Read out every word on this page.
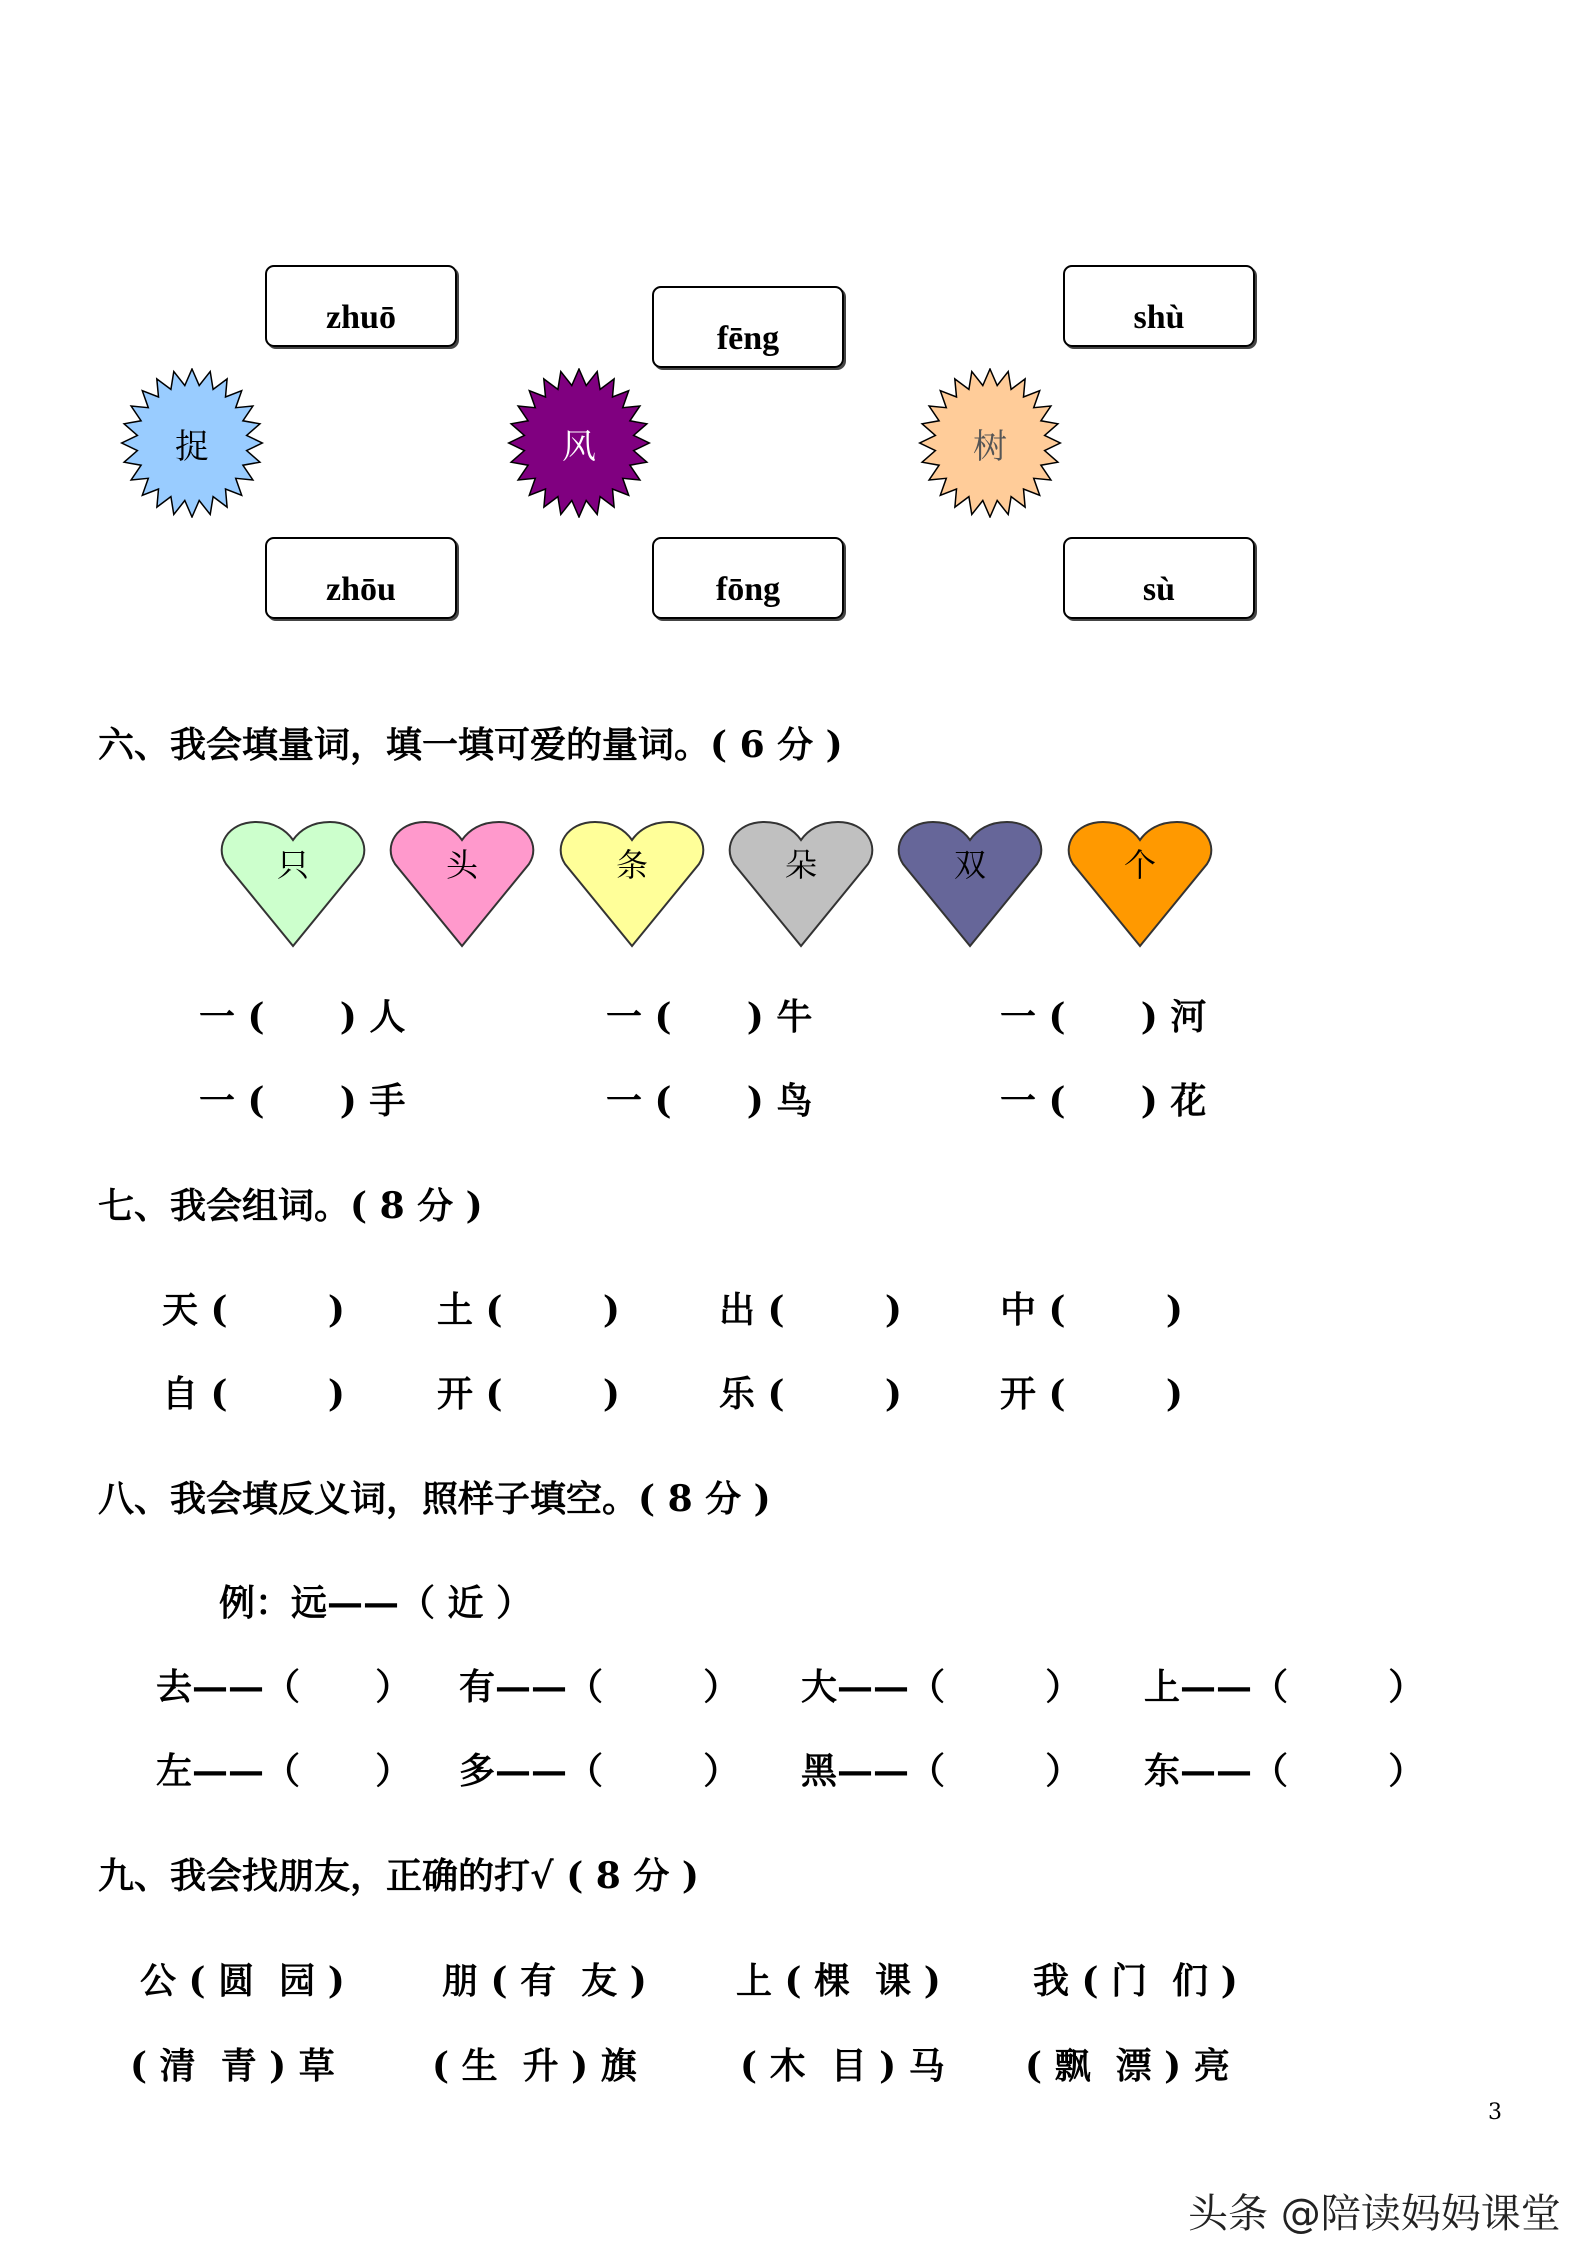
zhuō
fēng
shù
zhōu	fōng	sù
捉	风	树
六、我会填量词，填一填可爱的量词。( 6 分 )
只	头	条	朵	双	个
一 (      ) 人	一 (      ) 牛	一 (      ) 河
一 (      ) 手	一 (      ) 鸟	一 (      ) 花
七、我会组词。( 8 分 )
天 (        )	土 (        )	出 (        )	中 (        )
自 (        )	开 (        )	乐 (        )	开 (        )
八、我会填反义词，照样子填空。( 8 分 )
例：远——（ 近 ）
去——（      ） 有——（        ） 大——（        ） 上——（        ）
左——（      ） 多——（        ） 黑——（        ） 东——（        ）
九、我会找朋友，正确的打√ ( 8 分 )
公 ( 圆  园 )	朋 ( 有  友 ) 上 ( 棵  课 )	我 ( 门  们 )
( 清  青 ) 草	( 生  升 ) 旗	( 木  目 ) 马 ( 飘  漂 ) 亮
3
头条 @陪读妈妈课堂
